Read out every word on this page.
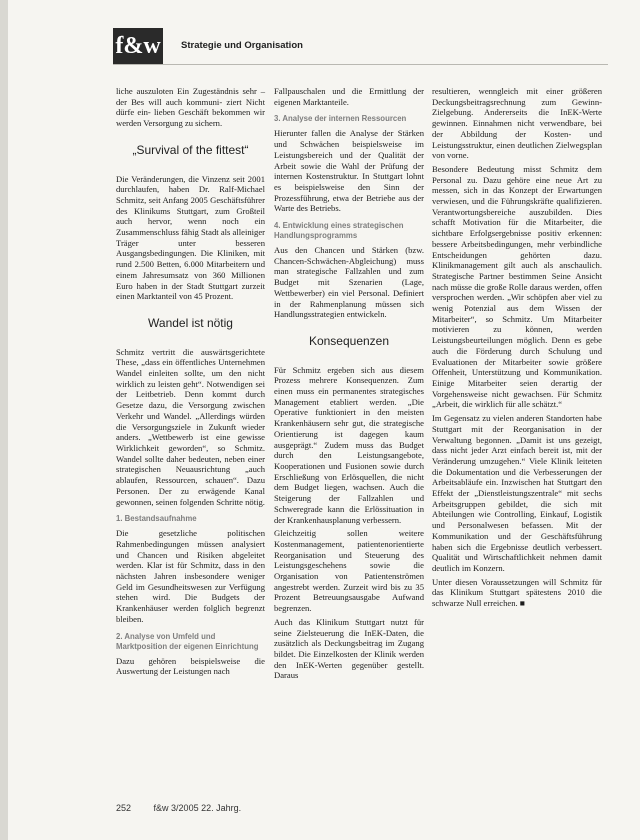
f&w Strategie und Organisation

liche auszuloten Ein Zugeständnis sehr – der Bes will auch kommuni- ziert Nicht dürfe ein- lieben Geschäft bekommen wir werden Versorgung zu sichern.

„Survival of the fittest“

Die Veränderungen, die Vinzenz seit 2001 durchlaufen, haben Dr. Ralf-Michael Schmitz, seit Anfang 2005 Geschäftsführer des Klinikums Stuttgart, zum Großteil auch hervor, wenn noch ein Zusammenschluss fähig Stadt als alleiniger Träger unter besseren Ausgangsbedingungen. Die Kliniken, mit rund 2.500 Betten, 6.000 Mitarbeitern und einem Jahresumsatz von 360 Millionen Euro haben in der Stadt Stuttgart zurzeit einen Marktanteil von 45 Prozent.

Wandel ist nötig

Schmitz vertritt die auswärtsgerichtete These, „dass ein öffentliches Unternehmen Wandel einleiten sollte, um den nicht wirklich zu leisten geht“. Notwendigen sei der Leitbetrieb. Denn kommt durch Gesetze dazu, die Versorgung zwischen Verkehr und Wandel. „Allerdings würden die Versorgungsziele in Zukunft wieder anders. „Wettbewerb ist eine gewisse Wirklichkeit geworden“, so Schmitz. Wandel sollte daher bedeuten, neben einer strategischen Neuausrichtung „auch ablaufen, Ressourcen, schauen“. Dazu Personen. Der zu erwägende Kanal gewonnen, seinen folgenden Schritte nötig.

1. Bestandsaufnahme

Die gesetzliche politischen Rahmenbedingungen müssen analysiert und Chancen und Risiken abgeleitet werden. Klar ist für Schmitz, dass in den nächsten Jahren insbesondere weniger Geld im Gesundheitswesen zur Verfügung stehen wird. Die Budgets der Krankenhäuser werden folglich begrenzt bleiben.

2. Analyse von Umfeld und Marktposition der eigenen Einrichtung

Dazu gehören beispielsweise die Auswertung der Leistungen nach

Fallpauschalen und die Ermittlung der eigenen Marktanteile.

3. Analyse der internen Ressourcen

Hierunter fallen die Analyse der Stärken und Schwächen beispielsweise im Leistungsbereich und der Qualität der Arbeit sowie die Wahl der Prüfung der internen Kostenstruktur. In Stuttgart lohnt es beispielsweise den Sinn der Prozessführung, etwa der Betriebe aus der Warte des Betriebs.

4. Entwicklung eines strategischen Handlungsprogramms

Aus den Chancen und Stärken (bzw. Chancen-Schwächen-Abgleichung) muss man strategische Fallzahlen und zum Budget mit Szenarien (Lage, Wettbewerber) ein viel Personal. Definiert in der Rahmenplanung müssen sich Handlungsstrategien entwickeln.

Konsequenzen

Für Schmitz ergeben sich aus diesem Prozess mehrere Konsequenzen. Zum einen muss ein permanentes strategisches Management etabliert werden. „Die Operative funktioniert in den meisten Krankenhäusern sehr gut, die strategische Orientierung ist dagegen kaum ausgeprägt.“ Zudem muss das Budget durch den Leistungsangebote, Kooperationen und Fusionen sowie durch Erschließung von Erlösquellen, die nicht dem Budget liegen, wachsen. Auch die Steigerung der Fallzahlen und Schweregrade kann die Erlössituation in der Krankenhausplanung verbessern.

Gleichzeitig sollen weitere Kostenmanagement, patientenorientierte Reorganisation und Steuerung des Leistungsgeschehens sowie die Organisation von Patientenströmen angestrebt werden. Zurzeit wird bis zu 35 Prozent Betreuungsausgabe Aufwand begrenzen.

Auch das Klinikum Stuttgart nutzt für seine Zielsteuerung die InEK-Daten, die zusätzlich als Deckungsbeitrag im Zugang bildet. Die Einzelkosten der Klinik werden den InEK-Werten gegenüber gestellt. Daraus

resultieren, wenngleich mit einer größeren Deckungsbeitragsrechnung zum Gewinn-Zielgebung. Andererseits die InEK-Werte gewinnen. Einnahmen nicht verwendbare, bei der Abbildung der Kosten- und Leistungsstruktur, einen deutlichen Zielwegsplan von vorne.

Besondere Bedeutung misst Schmitz dem Personal zu. Dazu gehöre eine neue Art zu messen, sich in das Konzept der Erwartungen verwiesen, und die Führungskräfte qualifizieren. Verantwortungsbereiche auszubilden. Dies schafft Motivation für die Mitarbeiter, die sichtbare Erfolgsergebnisse positiv erkennen: bessere Arbeitsbedingungen, mehr verbindliche Entscheidungen gehörten dazu. Klinikmanagement gilt auch als anschaulich. Strategische Partner bestimmen Seine Ansicht nach müsse die große Rolle daraus werden, offen versprochen werden. „Wir schöpfen aber viel zu wenig Potenzial aus dem Wissen der Mitarbeiter“, so Schmitz. Um Mitarbeiter motivieren zu können, werden Leistungsbeurteilungen möglich. Denn es gebe auch die Förderung durch Schulung und Evaluationen der Mitarbeiter sowie größere Offenheit, Unterstützung und Kommunikation. Einige Mitarbeiter seien derartig der Vorgehensweise nicht gewachsen. Für Schmitz „Arbeit, die wirklich für alle schätzt.“

Im Gegensatz zu vielen anderen Standorten habe Stuttgart mit der Reorganisation in der Verwaltung begonnen. „Damit ist uns gezeigt, dass nicht jeder Arzt einfach bereit ist, mit der Veränderung umzugehen.“ Viele Klinik leiteten die Dokumentation und die Verbesserungen der Arbeitsabläufe ein. Inzwischen hat Stuttgart den Effekt der „Dienstleistungszentrale“ mit sechs Arbeitsgruppen gebildet, die sich mit Abteilungen wie Controlling, Einkauf, Logistik und Personalwesen befassen. Mit der Kommunikation und der Geschäftsführung haben sich die Ergebnisse deutlich verbessert. Qualität und Wirtschaftlichkeit nehmen damit deutlich im Konzern.

Unter diesen Voraussetzungen will Schmitz für das Klinikum Stuttgart spätestens 2010 die schwarze Null erreichen. ■

252	f&w 3/2005 22. Jahrg.
